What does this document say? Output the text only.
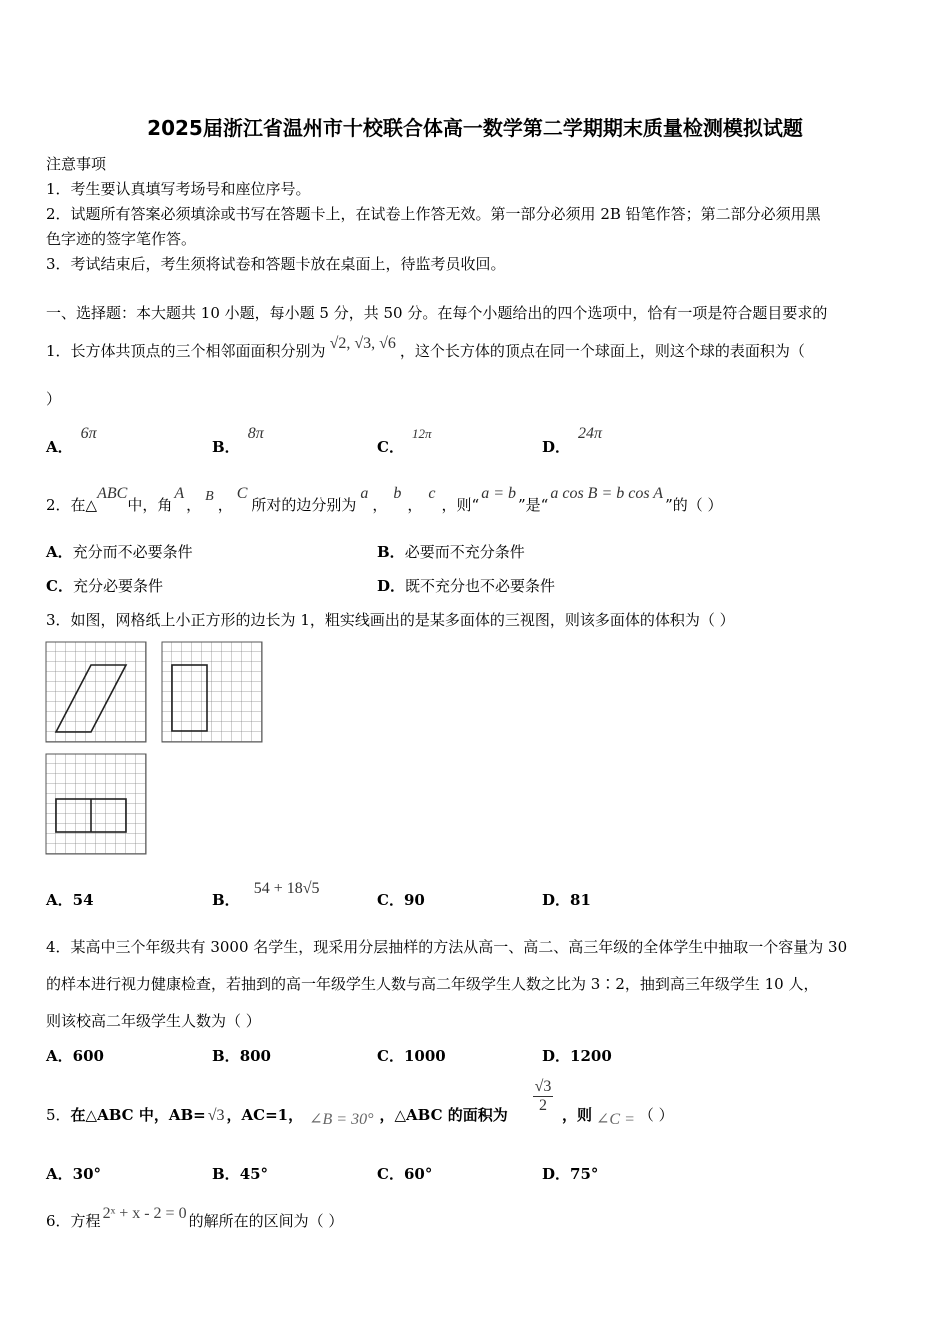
2025届浙江省温州市十校联合体高一数学第二学期期末质量检测模拟试题
注意事项
1．考生要认真填写考场号和座位序号。
2．试题所有答案必须填涂或书写在答题卡上，在试卷上作答无效。第一部分必须用 2B 铅笔作答；第二部分必须用黑
色字迹的签字笔作答。
3．考试结束后，考生须将试卷和答题卡放在桌面上，待监考员收回。
一、选择题：本大题共 10 小题，每小题 5 分，共 50 分。在每个小题给出的四个选项中，恰有一项是符合题目要求的
1．长方体共顶点的三个相邻面面积分别为 √2, √3, √6 ，这个长方体的顶点在同一个球面上，则这个球的表面积为（
）
A．6π
B．8π
C．12π
D．24π
2．在△ABC中，角A， B ，C所对的边分别为a，b，c，则“a = b”是“a cos B = b cos A”的（ ）
A．充分而不必要条件	B．必要而不充分条件
C．充分必要条件	D．既不充分也不必要条件
3．如图，网格纸上小正方形的边长为 1，粗实线画出的是某多面体的三视图，则该多面体的体积为（ ）
A．54	B．54 + 18√5
C．90	D．81
4．某高中三个年级共有 3000 名学生，现采用分层抽样的方法从高一、高二、高三年级的全体学生中抽取一个容量为 30
的样本进行视力健康检查，若抽到的高一年级学生人数与高二年级学生人数之比为 3∶2，抽到高三年级学生 10 人，
则该校高二年级学生人数为（ ）
A．600	B．800	C．1000	D．1200
5．在△ABC 中，AB= √3 ，AC=1， ∠B = 30° ，△ABC 的面积为
$\frac{√3}{2}$
，则 ∠C = （ ）
A．30°	B．45°	C．60°	D．75°
6．方程 2ˣ + x - 2 = 0 的解所在的区间为（ ）
